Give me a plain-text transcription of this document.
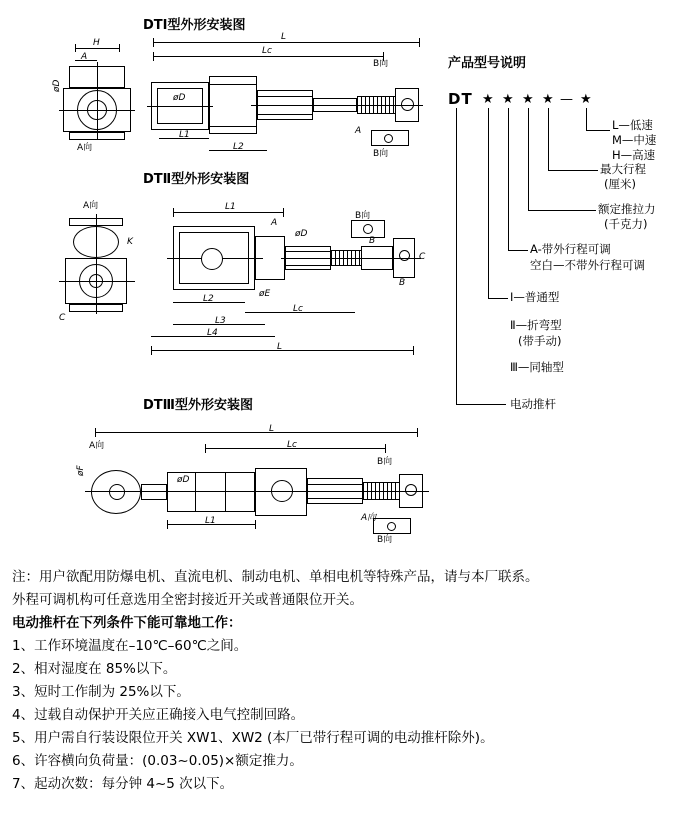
DTⅠ型外形安装图
L
Lc
H
A
øD
A向
øD
L1
L2
A
B向
B向
DTⅡ型外形安装图
L1
A向
B向
C
K
øE
øD
B
B
C
A
L2
Lc
L3
L4
L
DTⅢ型外形安装图
L
Lc
A向
øF
øD
L1	A向
B向
B向
产品型号说明
DT ★ ★ ★ ★ — ★
L—低速
M—中速
H—高速
最大行程
(厘米)
额定推拉力
(千克力)
A-带外行程可调
空白—不带外行程可调
Ⅰ—普通型
Ⅱ—折弯型
(带手动)
Ⅲ—同轴型
电动推杆

注：用户欲配用防爆电机、直流电机、制动电机、单相电机等特殊产品，请与本厂联系。

外程可调机构可任意选用全密封接近开关或普通限位开关。

电动推杆在下列条件下能可靠地工作：

1、工作环境温度在–10℃–60℃之间。

2、相对湿度在 85%以下。

3、短时工作制为 25%以下。

4、过载自动保护开关应正确接入电气控制回路。

5、用户需自行装设限位开关 XW1、XW2 (本厂已带行程可调的电动推杆除外)。

6、许容横向负荷量：(0.03~0.05)×额定推力。

7、起动次数：每分钟 4~5 次以下。
